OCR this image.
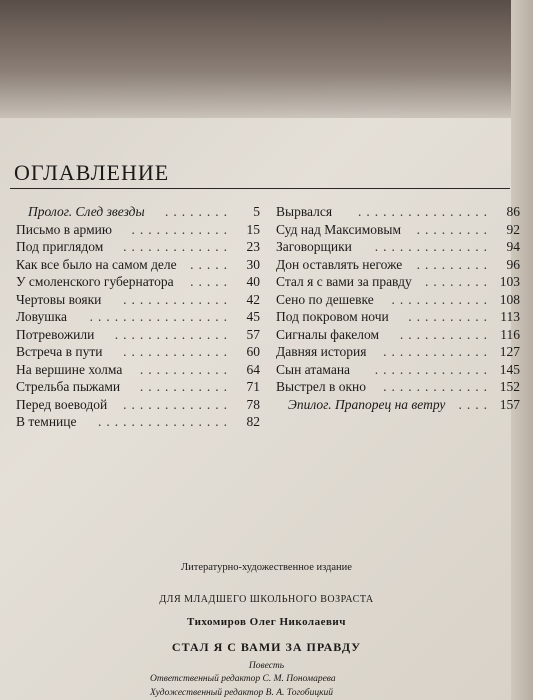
ОГЛАВЛЕНИЕ
Пролог. След звезды ........ 5
Письмо в армию ............ 15
Под приглядом ............. 23
Как все было на самом деле ..... 30
У смоленского губернатора ..... 40
Чертовы вояки ............. 42
Ловушка ................. 45
Потревожили .............. 57
Встреча в пути ............. 60
На вершине холма ........... 64
Стрельба пыжами ........... 71
Перед воеводой ............. 78
В темнице ................ 82
Вырвался ................ 86
Суд над Максимовым ......... 92
Заговорщики .............. 94
Дон оставлять негоже ......... 96
Стал я с вами за правду ........ 103
Сено по дешевке ............ 108
Под покровом ночи .......... 113
Сигналы факелом ........... 116
Давняя история ............. 127
Сын атамана .............. 145
Выстрел в окно ............. 152
Эпилог. Прапорец на ветру .... 157
Литературно-художественное издание
ДЛЯ МЛАДШЕГО ШКОЛЬНОГО ВОЗРАСТА
Тихомиров Олег Николаевич
СТАЛ Я С ВАМИ ЗА ПРАВДУ
Повесть
Ответственный редактор С. М. Пономарева
Художественный редактор В. А. Тогобицкий
